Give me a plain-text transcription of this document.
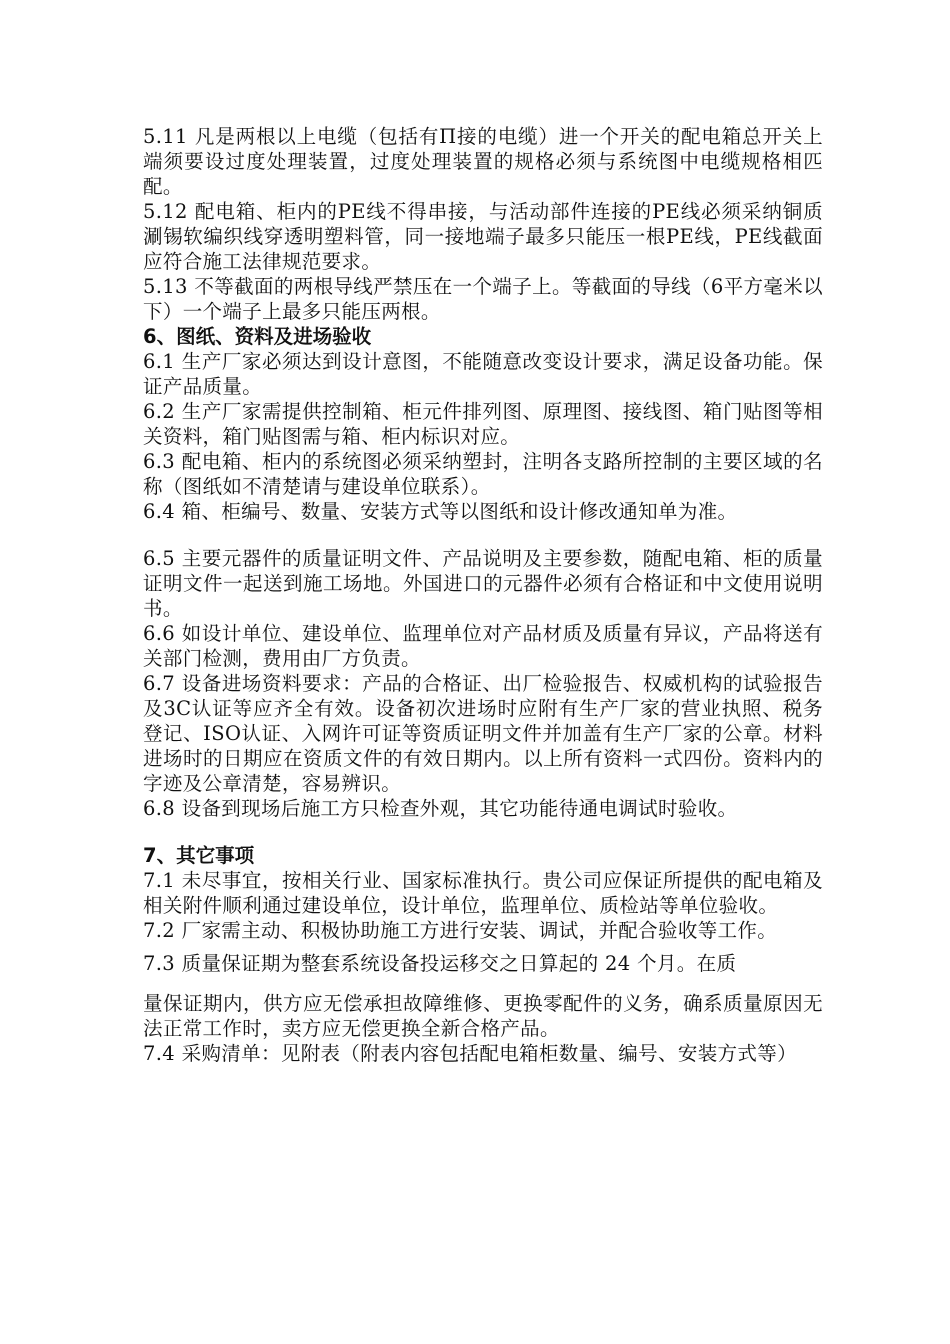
5.11 凡是两根以上电缆（包括有Π接的电缆）进一个开关的配电箱总开关上端须要设过度处理装置，过度处理装置的规格必须与系统图中电缆规格相匹配。

5.12 配电箱、柜内的PE线不得串接，与活动部件连接的PE线必须采纳铜质涮锡软编织线穿透明塑料管，同一接地端子最多只能压一根PE线，PE线截面应符合施工法律规范要求。

5.13 不等截面的两根导线严禁压在一个端子上。等截面的导线（6平方毫米以下）一个端子上最多只能压两根。

6、图纸、资料及进场验收

6.1 生产厂家必须达到设计意图，不能随意改变设计要求，满足设备功能。保证产品质量。

6.2 生产厂家需提供控制箱、柜元件排列图、原理图、接线图、箱门贴图等相关资料，箱门贴图需与箱、柜内标识对应。

6.3 配电箱、柜内的系统图必须采纳塑封，注明各支路所控制的主要区域的名称（图纸如不清楚请与建设单位联系）。

6.4 箱、柜编号、数量、安装方式等以图纸和设计修改通知单为准。

6.5 主要元器件的质量证明文件、产品说明及主要参数，随配电箱、柜的质量证明文件一起送到施工场地。外国进口的元器件必须有合格证和中文使用说明书。

6.6 如设计单位、建设单位、监理单位对产品材质及质量有异议，产品将送有关部门检测，费用由厂方负责。

6.7 设备进场资料要求：产品的合格证、出厂检验报告、权威机构的试验报告及3C认证等应齐全有效。设备初次进场时应附有生产厂家的营业执照、税务登记、ISO认证、入网许可证等资质证明文件并加盖有生产厂家的公章。材料进场时的日期应在资质文件的有效日期内。以上所有资料一式四份。资料内的字迹及公章清楚，容易辨识。

6.8 设备到现场后施工方只检查外观，其它功能待通电调试时验收。

7、其它事项

7.1 未尽事宜，按相关行业、国家标准执行。贵公司应保证所提供的配电箱及相关附件顺利通过建设单位，设计单位，监理单位、质检站等单位验收。

7.2 厂家需主动、积极协助施工方进行安装、调试，并配合验收等工作。

7.3 质量保证期为整套系统设备投运移交之日算起的 24 个月。在质

量保证期内，供方应无偿承担故障维修、更换零配件的义务，确系质量原因无法正常工作时，卖方应无偿更换全新合格产品。

7.4 采购清单：见附表（附表内容包括配电箱柜数量、编号、安装方式等）
